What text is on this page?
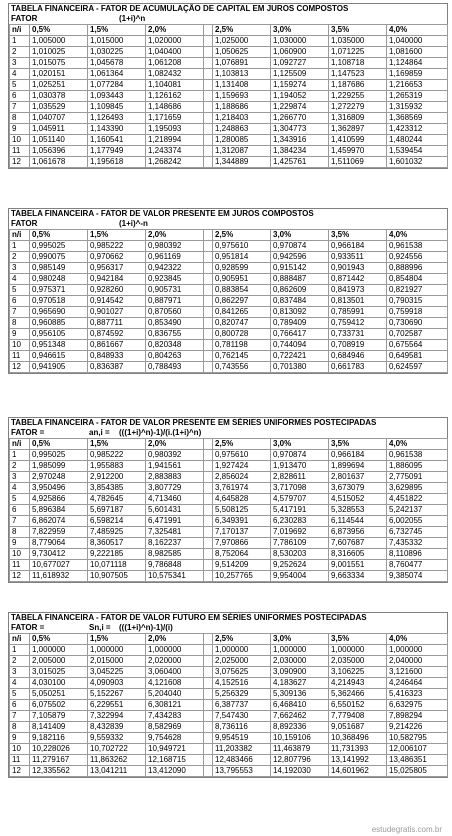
TABELA FINANCEIRA - FATOR DE ACUMULAÇÃO DE CAPITAL EM JUROS COMPOSTOS
FATOR	(1+i)^n
n/i	0,5%	1,5%	2,0%		2,5%	3,0%	3,5%	4,0%
1	1,005000	1,015000	1,020000		1,025000	1,030000	1,035000	1,040000
2	1,010025	1,030225	1,040400		1,050625	1,060900	1,071225	1,081600
3	1,015075	1,045678	1,061208		1,076891	1,092727	1,108718	1,124864
4	1,020151	1,061364	1,082432		1,103813	1,125509	1,147523	1,169859
5	1,025251	1,077284	1,104081		1,131408	1,159274	1,187686	1,216653
6	1,030378	1,093443	1,126162		1,159693	1,194052	1,229255	1,265319
7	1,035529	1,109845	1,148686		1,188686	1,229874	1,272279	1,315932
8	1,040707	1,126493	1,171659		1,218403	1,266770	1,316809	1,368569
9	1,045911	1,143390	1,195093		1,248863	1,304773	1,362897	1,423312
10	1,051140	1,160541	1,218994		1,280085	1,343916	1,410599	1,480244
11	1,056396	1,177949	1,243374		1,312087	1,384234	1,459970	1,539454
12	1,061678	1,195618	1,268242		1,344889	1,425761	1,511069	1,601032
TABELA FINANCEIRA - FATOR DE VALOR PRESENTE EM JUROS COMPOSTOS
FATOR	(1+i)^-n
n/i	0,5%	1,5%	2,0%		2,5%	3,0%	3,5%	4,0%
1	0,995025	0,985222	0,980392		0,975610	0,970874	0,966184	0,961538
2	0,990075	0,970662	0,961169		0,951814	0,942596	0,933511	0,924556
3	0,985149	0,956317	0,942322		0,928599	0,915142	0,901943	0,888996
4	0,980248	0,942184	0,923845		0,905951	0,888487	0,871442	0,854804
5	0,975371	0,928260	0,905731		0,883854	0,862609	0,841973	0,821927
6	0,970518	0,914542	0,887971		0,862297	0,837484	0,813501	0,790315
7	0,965690	0,901027	0,870560		0,841265	0,813092	0,785991	0,759918
8	0,960885	0,887711	0,853490		0,820747	0,789409	0,759412	0,730690
9	0,956105	0,874592	0,836755		0,800728	0,766417	0,733731	0,702587
10	0,951348	0,861667	0,820348		0,781198	0,744094	0,708919	0,675564
11	0,946615	0,848933	0,804263		0,762145	0,722421	0,684946	0,649581
12	0,941905	0,836387	0,788493		0,743556	0,701380	0,661783	0,624597
TABELA FINANCEIRA - FATOR DE VALOR PRESENTE EM SÉRIES UNIFORMES POSTECIPADAS
FATOR =	an,i =	(((1+i)^n)-1)/(i.(1+i)^n)
n/i	0,5%	1,5%	2,0%		2,5%	3,0%	3,5%	4,0%
1	0,995025	0,985222	0,980392		0,975610	0,970874	0,966184	0,961538
2	1,985099	1,955883	1,941561		1,927424	1,913470	1,899694	1,886095
3	2,970248	2,912200	2,883883		2,856024	2,828611	2,801637	2,775091
4	3,950496	3,854385	3,807729		3,761974	3,717098	3,673079	3,629895
5	4,925866	4,782645	4,713460		4,645828	4,579707	4,515052	4,451822
6	5,896384	5,697187	5,601431		5,508125	5,417191	5,328553	5,242137
7	6,862074	6,598214	6,471991		6,349391	6,230283	6,114544	6,002055
8	7,822959	7,485925	7,325481		7,170137	7,019692	6,873956	6,732745
9	8,779064	8,360517	8,162237		7,970866	7,786109	7,607687	7,435332
10	9,730412	9,222185	8,982585		8,752064	8,530203	8,316605	8,110896
11	10,677027	10,071118	9,786848		9,514209	9,252624	9,001551	8,760477
12	11,618932	10,907505	10,575341		10,257765	9,954004	9,663334	9,385074
TABELA FINANCEIRA - FATOR DE VALOR FUTURO EM SÉRIES UNIFORMES POSTECIPADAS
FATOR =	Sn,i =	(((1+i)^n)-1)/(i)
n/i	0,5%	1,5%	2,0%		2,5%	3,0%	3,5%	4,0%
1	1,000000	1,000000	1,000000		1,000000	1,000000	1,000000	1,000000
2	2,005000	2,015000	2,020000		2,025000	2,030000	2,035000	2,040000
3	3,015025	3,045225	3,060400		3,075625	3,090900	3,106225	3,121600
4	4,030100	4,090903	4,121608		4,152516	4,183627	4,214943	4,246464
5	5,050251	5,152267	5,204040		5,256329	5,309136	5,362466	5,416323
6	6,075502	6,229551	6,308121		6,387737	6,468410	6,550152	6,632975
7	7,105879	7,322994	7,434283		7,547430	7,662462	7,779408	7,898294
8	8,141409	8,432839	8,582969		8,736116	8,892336	9,051687	9,214226
9	9,182116	9,559332	9,754628		9,954519	10,159106	10,368496	10,582795
10	10,228026	10,702722	10,949721		11,203382	11,463879	11,731393	12,006107
11	11,279167	11,863262	12,168715		12,483466	12,807796	13,141992	13,486351
12	12,335562	13,041211	13,412090		13,795553	14,192030	14,601962	15,025805
estudegratis.com.br
